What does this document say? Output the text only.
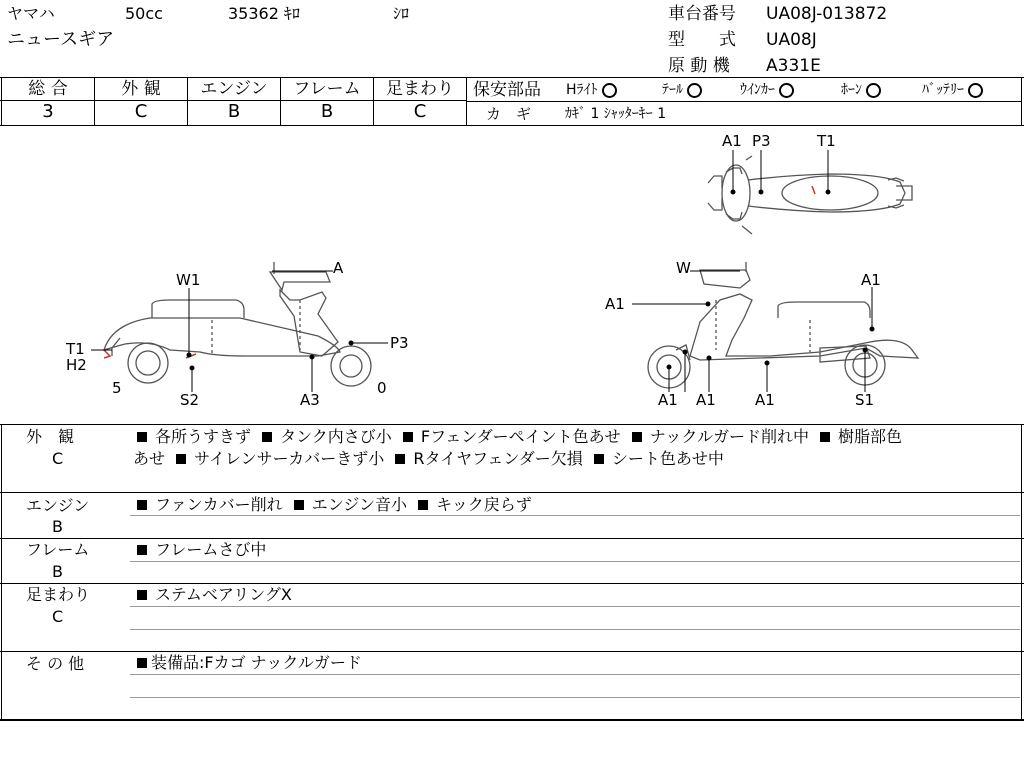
ヤマハ	50cc	35362 ｷﾛ	ｼﾛ
ニュースギア
車台番号 UA08J-013872
型　　式 UA08J
原 動 機 A331E
総 合	外 観	エンジン	フレーム	足まわり
3	C	B	B	C
保安部品 Hﾗｲﾄ	ﾃｰﾙ	ｳｲﾝｶｰ	ﾎｰﾝ	ﾊﾞｯﾃﾘｰ
カ　ギ ｶｷﾞ 1 ｼｬｯﾀｰｷｰ 1
A1 P3	T1
A
W1
P3
T1
H2
5
S2	A3
0
W
A1
A1
A1 A1	A1	S1
外　観
C
各所うすきず タンク内さび小 Fフェンダーペイント色あせ ナックルガード削れ中 樹脂部色
あせ サイレンサーカバーきず小 Rタイヤフェンダー欠損 シート色あせ中
エンジン
B
ファンカバー削れ エンジン音小 キック戻らず
フレーム
B
フレームさび中
足まわり
C
ステムベアリングX
そ の 他	装備品:Fカゴ ナックルガード
